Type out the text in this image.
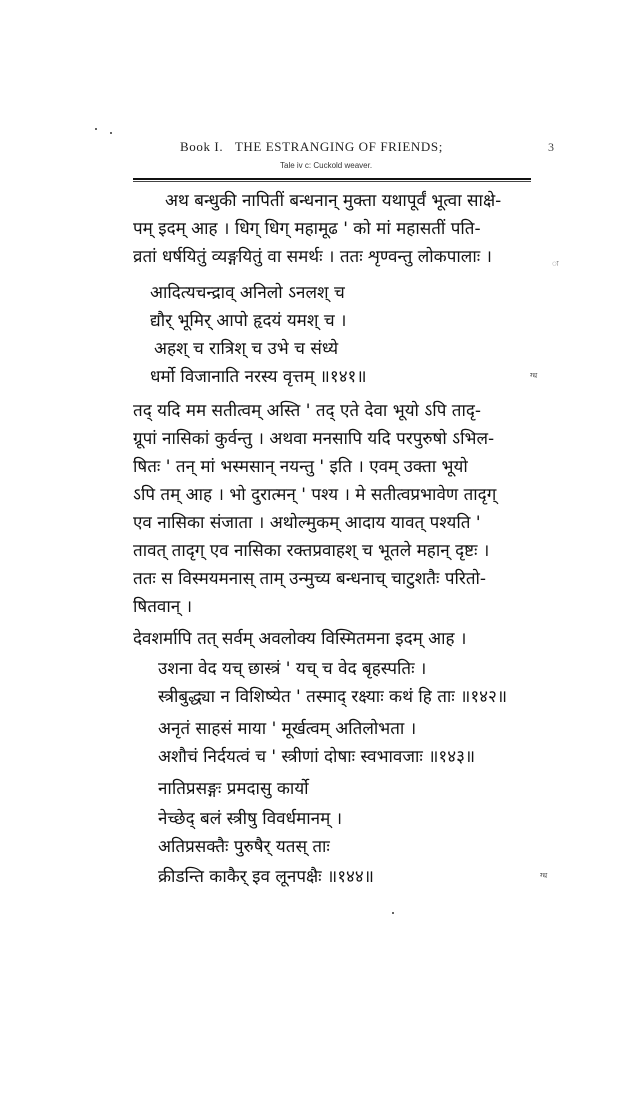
Book I. THE ESTRANGING OF FRIENDS;	3
Tale iv c: Cuckold weaver.
अथ बन्धुकी नापितीं बन्धनान् मुक्ता यथापूर्वं भूत्वा साक्षे-
पम् इदम् आह । धिग् धिग् महामूढ ' को मां महासतीं पति-
व्रतां धर्षयितुं व्यङ्गयितुं वा समर्थः । ततः शृण्वन्तु लोकपालाः ।	ः
आदित्यचन्द्राव् अनिलो ऽनलश् च
द्यौर् भूमिर् आपो हृदयं यमश् च ।
अहश् च रात्रिश् च उभे च संध्ये
धर्मो विजानाति नरस्य वृत्तम् ॥१४१॥	ग्ध
तद् यदि मम सतीत्वम् अस्ति ' तद् एते देवा भूयो ऽपि तादृ-
ग्रूपां नासिकां कुर्वन्तु । अथवा मनसापि यदि परपुरुषो ऽभिल-
षितः ' तन् मां भस्मसान् नयन्तु ' इति । एवम् उक्ता भूयो
ऽपि तम् आह । भो दुरात्मन् ' पश्य । मे सतीत्वप्रभावेण तादृग्
एव नासिका संजाता । अथोल्मुकम् आदाय यावत् पश्यति '
तावत् तादृग् एव नासिका रक्तप्रवाहश् च भूतले महान् दृष्टः ।
ततः स विस्मयमनास् ताम् उन्मुच्य बन्धनाच् चाटुशतैः परितो-
षितवान् ।
देवशर्मापि तत् सर्वम् अवलोक्य विस्मितमना इदम् आह ।
उशना वेद यच् छास्त्रं ' यच् च वेद बृहस्पतिः ।
स्त्रीबुद्ध्या न विशिष्येत ' तस्माद् रक्ष्याः कथं हि ताः ॥१४२॥
अनृतं साहसं माया ' मूर्खत्वम् अतिलोभता ।
अशौचं निर्दयत्वं च ' स्त्रीणां दोषाः स्वभावजाः ॥१४३॥
नातिप्रसङ्गः प्रमदासु कार्यो
नेच्छेद् बलं स्त्रीषु विवर्धमानम् ।
अतिप्रसक्तैः पुरुषैर् यतस् ताः
क्रीडन्ति काकैर् इव लूनपक्षैः ॥१४४॥	ग्ध
